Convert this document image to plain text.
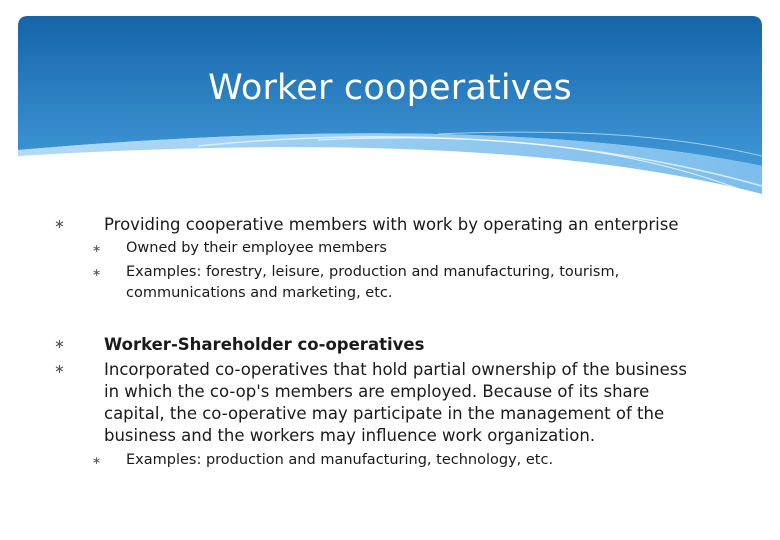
Worker cooperatives
∗	Providing cooperative members with work by operating an enterprise
∗	Owned by their employee members
∗	Examples: forestry, leisure, production and manufacturing, tourism, communications and marketing, etc.
∗	Worker-Shareholder co-operatives
∗	Incorporated co-operatives that hold partial ownership of the business in which the co-op's members are employed. Because of its share capital, the co-operative may participate in the management of the business and the workers may influence work organization.
∗	Examples: production and manufacturing, technology, etc.
